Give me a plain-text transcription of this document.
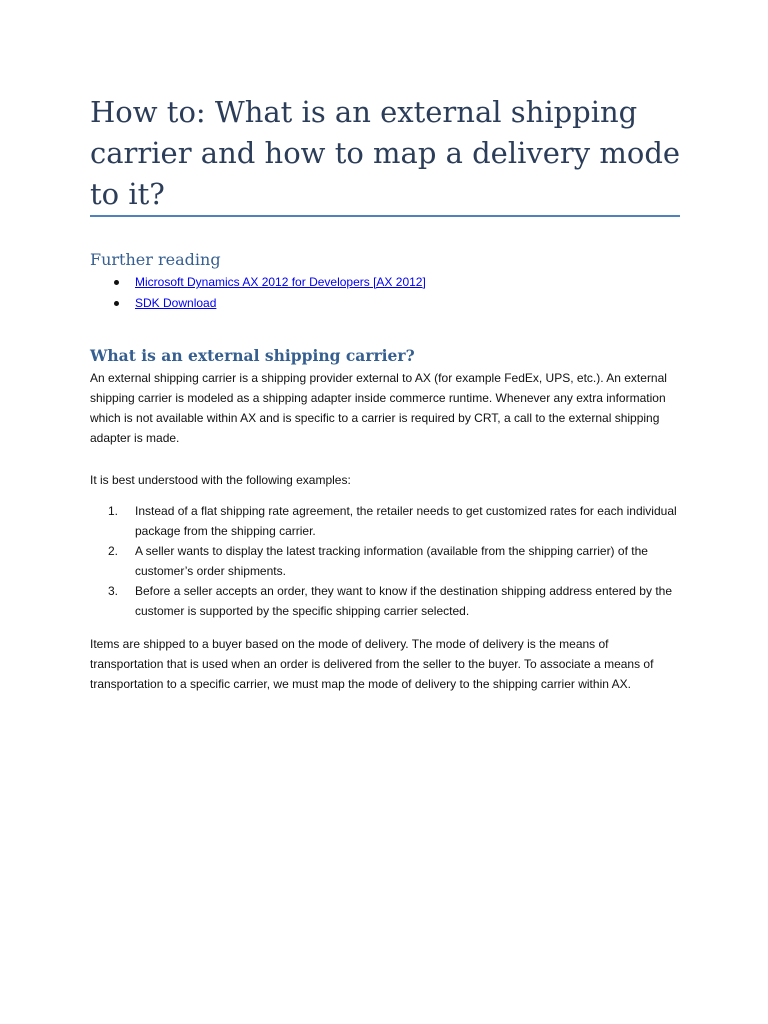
How to: What is an external shipping carrier and how to map a delivery mode to it?
Further reading
Microsoft Dynamics AX 2012 for Developers [AX 2012]
SDK Download
What is an external shipping carrier?

An external shipping carrier is a shipping provider external to AX (for example FedEx, UPS, etc.). An external shipping carrier is modeled as a shipping adapter inside commerce runtime. Whenever any extra information which is not available within AX and is specific to a carrier is required by CRT, a call to the external shipping adapter is made.

It is best understood with the following examples:

1. Instead of a flat shipping rate agreement, the retailer needs to get customized rates for each individual package from the shipping carrier.
2. A seller wants to display the latest tracking information (available from the shipping carrier) of the customer’s order shipments.
3. Before a seller accepts an order, they want to know if the destination shipping address entered by the customer is supported by the specific shipping carrier selected.

Items are shipped to a buyer based on the mode of delivery. The mode of delivery is the means of transportation that is used when an order is delivered from the seller to the buyer. To associate a means of transportation to a specific carrier, we must map the mode of delivery to the shipping carrier within AX.
